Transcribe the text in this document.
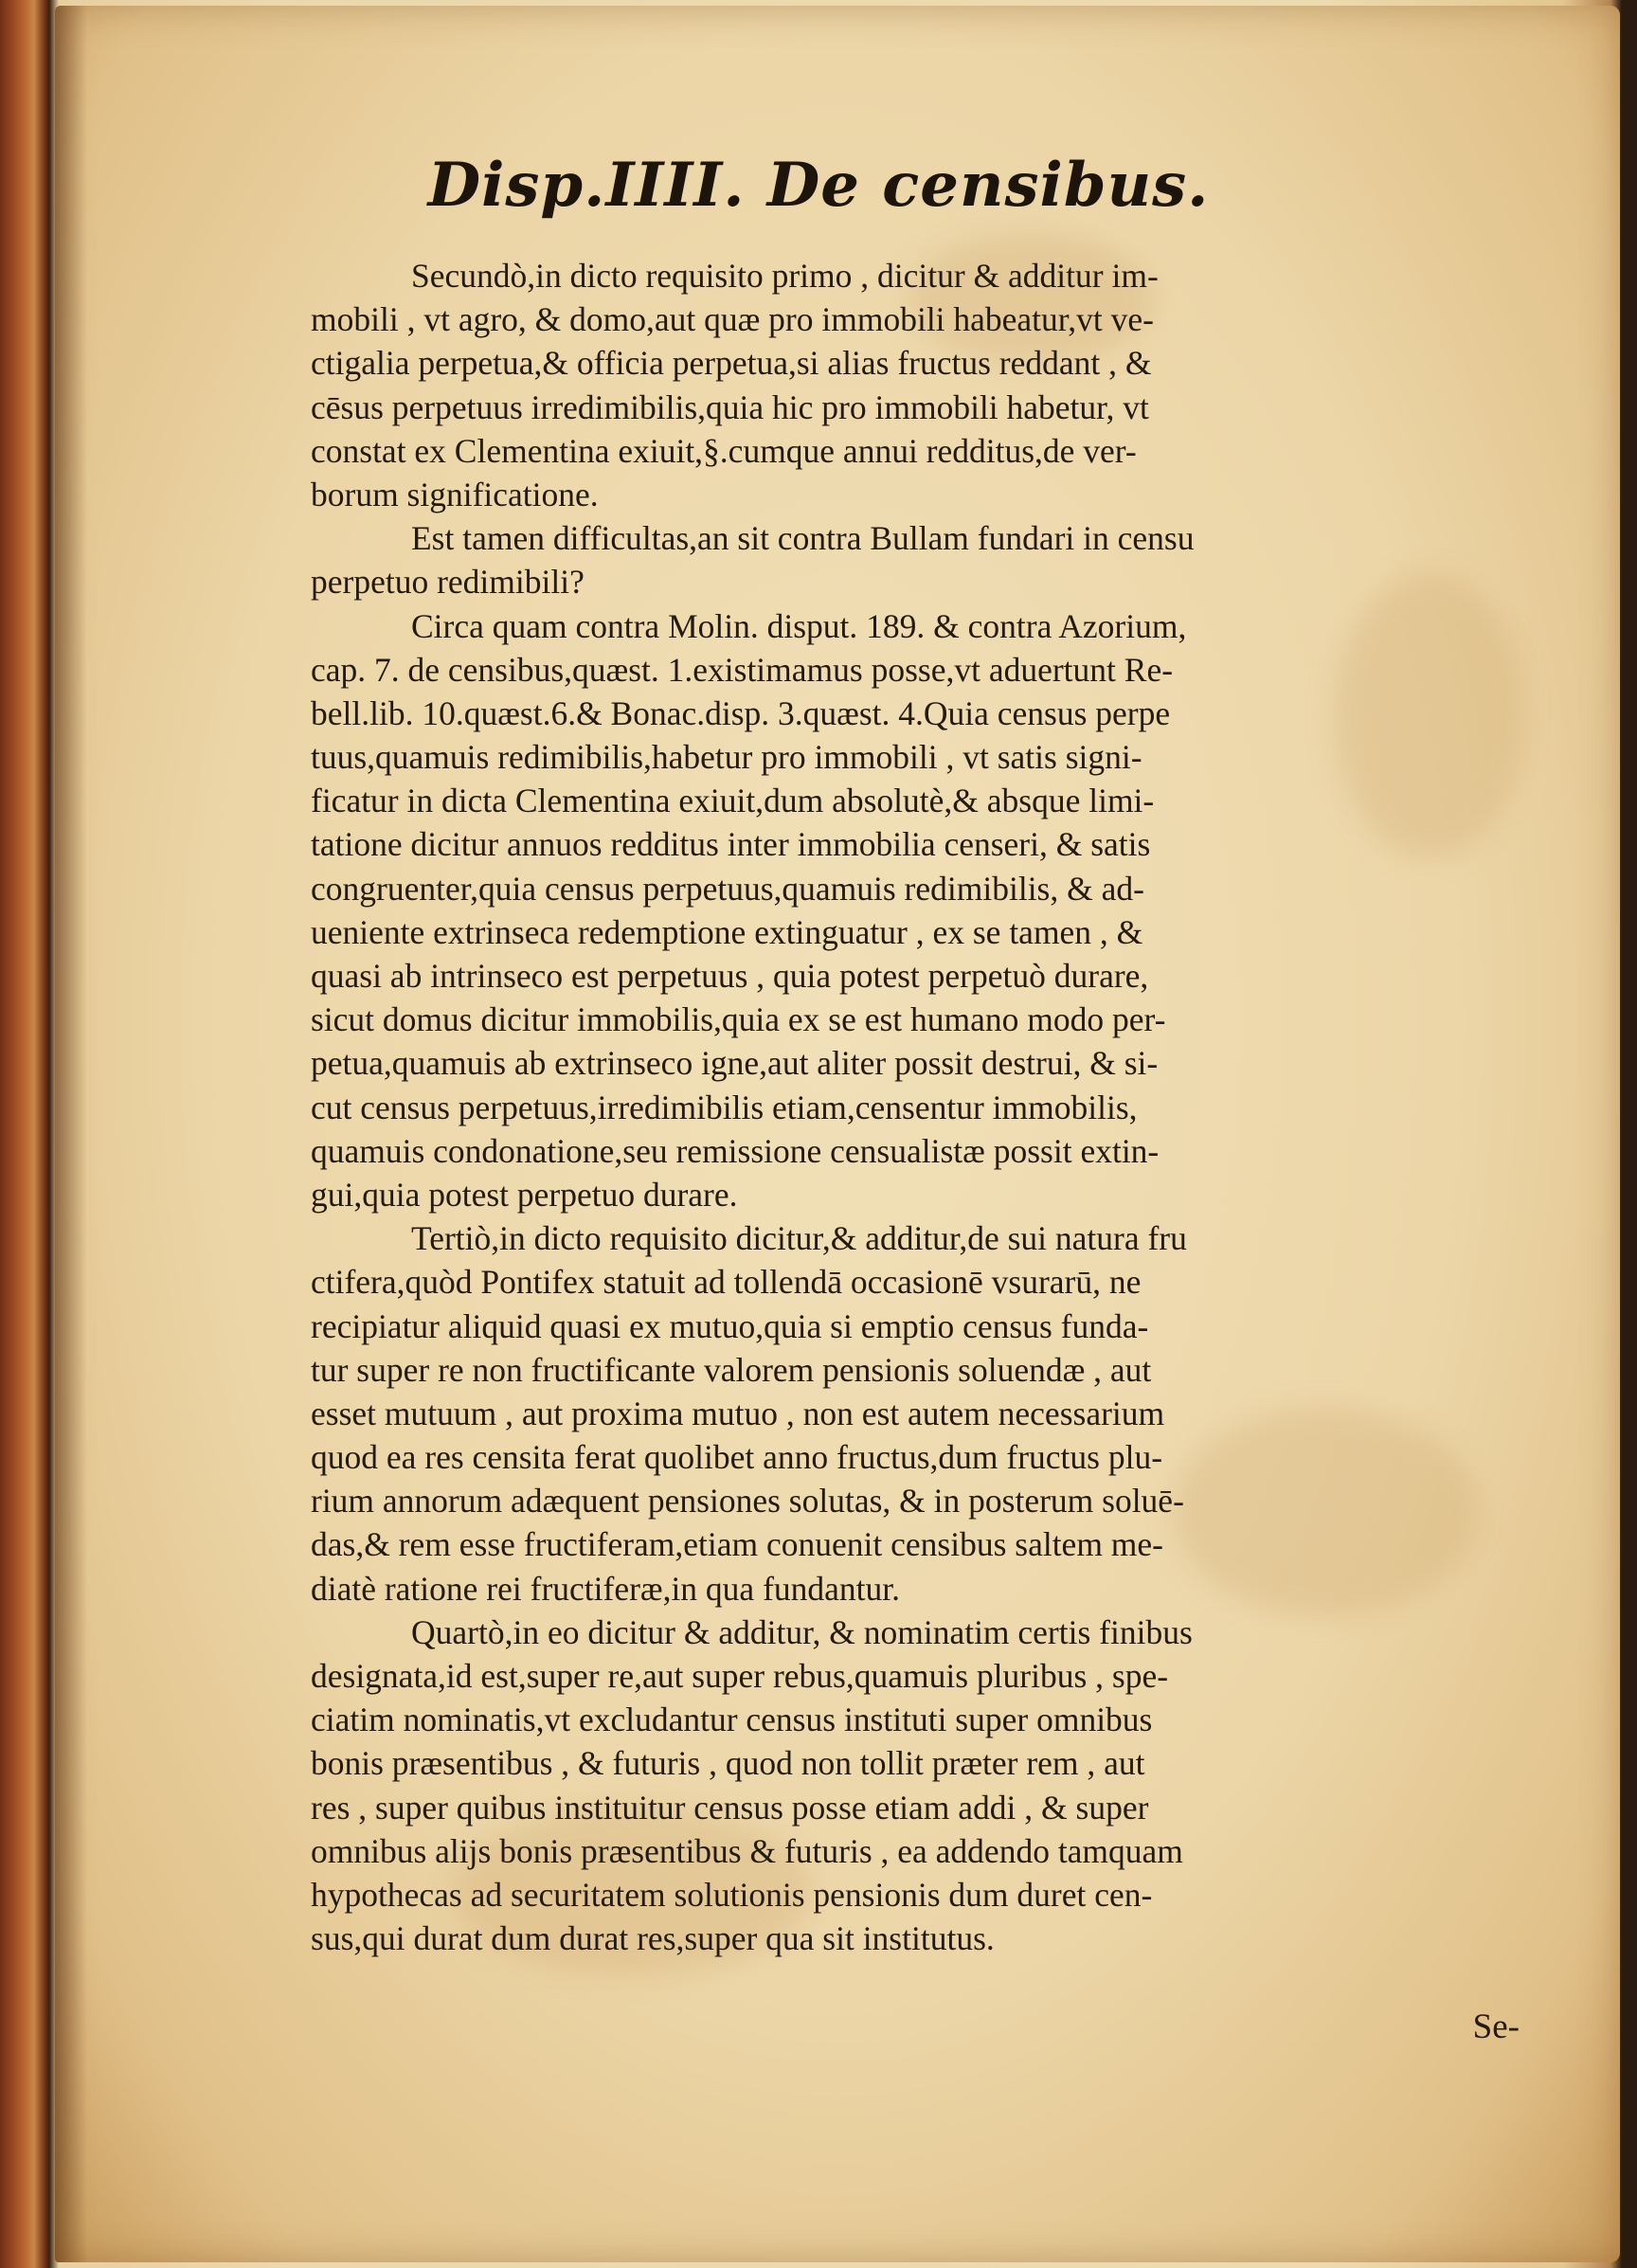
Disp.IIII. De censibus.
Secundò,in dicto requisito primo , dicitur & additur im-
mobili , vt agro, & domo,aut quæ pro immobili habeatur,vt ve-
ctigalia perpetua,& officia perpetua,si alias fructus reddant , &
cēsus perpetuus irredimibilis,quia hic pro immobili habetur, vt
constat ex Clementina exiuit,§.cumque annui redditus,de ver-
borum significatione.
Est tamen difficultas,an sit contra Bullam fundari in censu
perpetuo redimibili?
Circa quam contra Molin. disput. 189. & contra Azorium,
cap. 7. de censibus,quæst. 1.existimamus posse,vt aduertunt Re-
bell.lib. 10.quæst.6.& Bonac.disp. 3.quæst. 4.Quia census perpe
tuus,quamuis redimibilis,habetur pro immobili , vt satis signi-
ficatur in dicta Clementina exiuit,dum absolutè,& absque limi-
tatione dicitur annuos redditus inter immobilia censeri, & satis
congruenter,quia census perpetuus,quamuis redimibilis, & ad-
ueniente extrinseca redemptione extinguatur , ex se tamen , &
quasi ab intrinseco est perpetuus , quia potest perpetuò durare,
sicut domus dicitur immobilis,quia ex se est humano modo per-
petua,quamuis ab extrinseco igne,aut aliter possit destrui, & si-
cut census perpetuus,irredimibilis etiam,censentur immobilis,
quamuis condonatione,seu remissione censualistæ possit extin-
gui,quia potest perpetuo durare.
Tertiò,in dicto requisito dicitur,& additur,de sui natura fru
ctifera,quòd Pontifex statuit ad tollendā occasionē vsurarū, ne
recipiatur aliquid quasi ex mutuo,quia si emptio census funda-
tur super re non fructificante valorem pensionis soluendæ , aut
esset mutuum , aut proxima mutuo , non est autem necessarium
quod ea res censita ferat quolibet anno fructus,dum fructus plu-
rium annorum adæquent pensiones solutas, & in posterum soluē-
das,& rem esse fructiferam,etiam conuenit censibus saltem me-
diatè ratione rei fructiferæ,in qua fundantur.
Quartò,in eo dicitur & additur, & nominatim certis finibus
designata,id est,super re,aut super rebus,quamuis pluribus , spe-
ciatim nominatis,vt excludantur census instituti super omnibus
bonis præsentibus , & futuris , quod non tollit præter rem , aut
res , super quibus instituitur census posse etiam addi , & super
omnibus alijs bonis præsentibus & futuris , ea addendo tamquam
hypothecas ad securitatem solutionis pensionis dum duret cen-
sus,qui durat dum durat res,super qua sit institutus.
Se-
